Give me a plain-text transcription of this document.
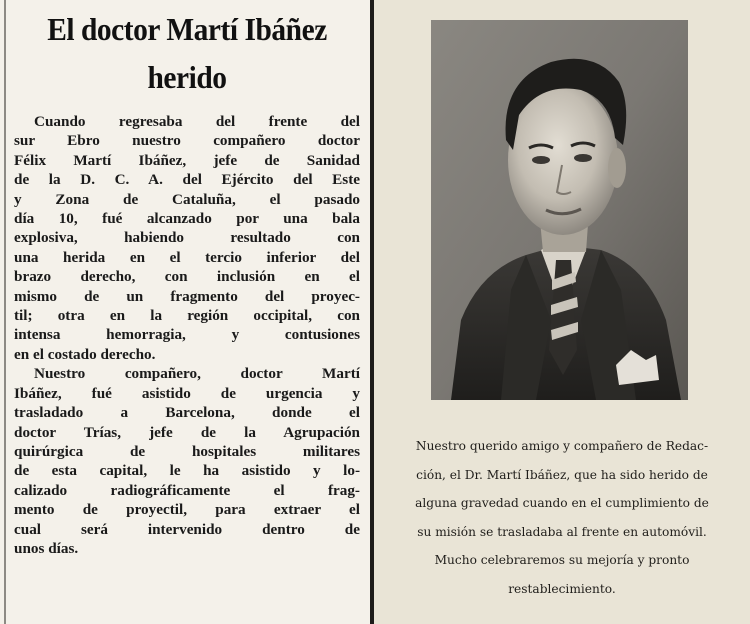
El doctor Martí Ibáñez
herido
Cuando regresaba del frente del
sur Ebro nuestro compañero doctor
Félix Martí Ibáñez, jefe de Sanidad
de la D. C. A. del Ejército del Este
y Zona de Cataluña, el pasado
día 10, fué alcanzado por una bala
explosiva, habiendo resultado con
una herida en el tercio inferior del
brazo derecho, con inclusión en el
mismo de un fragmento del proyec-
til; otra en la región occipital, con
intensa hemorragia, y contusiones
en el costado derecho.
Nuestro compañero, doctor Martí
Ibáñez, fué asistido de urgencia y
trasladado a Barcelona, donde el
doctor Trías, jefe de la Agrupación
quirúrgica de hospitales militares
de esta capital, le ha asistido y lo-
calizado radiográficamente el frag-
mento de proyectil, para extraer el
cual será intervenido dentro de
unos días.
Nuestro querido amigo y compañero de Redac-
ción, el Dr. Martí Ibáñez, que ha sido herido de
alguna gravedad cuando en el cumplimiento de
su misión se trasladaba al frente en automóvil.
Mucho celebraremos su mejoría y pronto
restablecimiento.
